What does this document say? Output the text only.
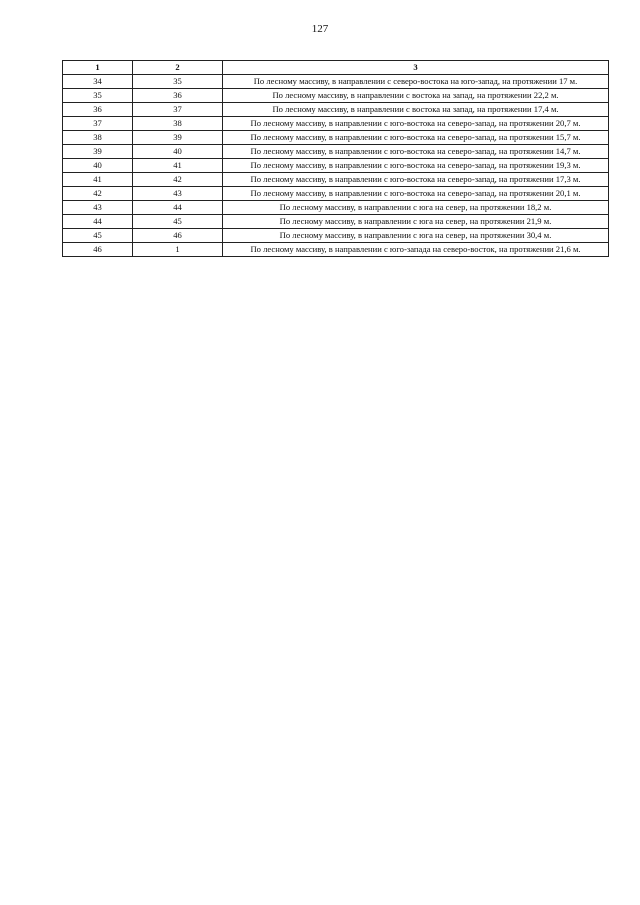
127
1	2	3
34	35	По лесному массиву, в направлении с северо-востока на юго-запад, на протяжении 17 м.
35	36	По лесному массиву, в направлении с востока на запад, на протяжении 22,2 м.
36	37	По лесному массиву, в направлении с востока на запад, на протяжении 17,4 м.
37	38	По лесному массиву, в направлении с юго-востока на северо-запад, на протяжении 20,7 м.
38	39	По лесному массиву, в направлении с юго-востока на северо-запад, на протяжении 15,7 м.
39	40	По лесному массиву, в направлении с юго-востока на северо-запад, на протяжении 14,7 м.
40	41	По лесному массиву, в направлении с юго-востока на северо-запад, на протяжении 19,3 м.
41	42	По лесному массиву, в направлении с юго-востока на северо-запад, на протяжении 17,3 м.
42	43	По лесному массиву, в направлении с юго-востока на северо-запад, на протяжении 20,1 м.
43	44	По лесному массиву, в направлении с юга на север, на протяжении 18,2 м.
44	45	По лесному массиву, в направлении с юга на север, на протяжении 21,9 м.
45	46	По лесному массиву, в направлении с юга на север, на протяжении 30,4 м.
46	1	По лесному массиву, в направлении с юго-запада на северо-восток, на протяжении 21,6 м.
